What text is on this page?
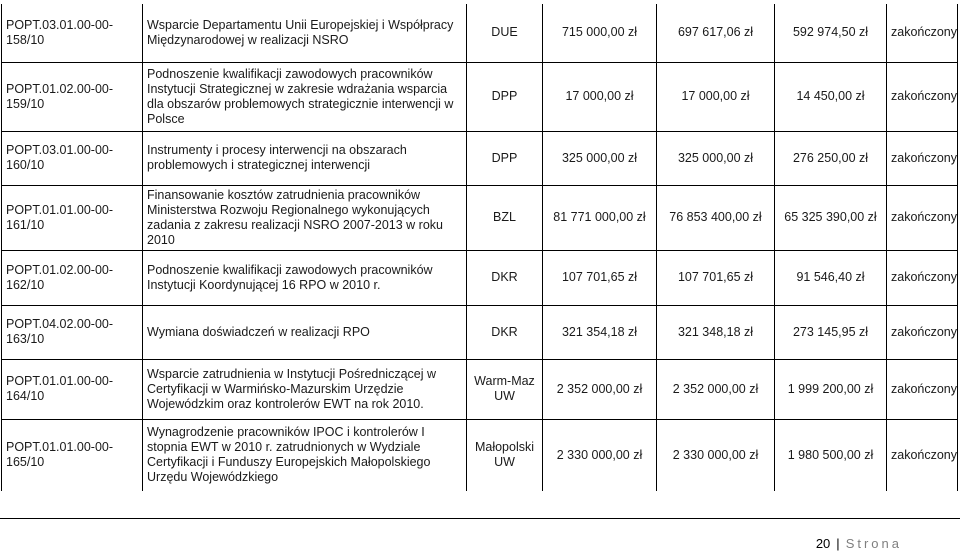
POPT.03.01.00-00-158/10	Wsparcie Departamentu Unii Europejskiej i Współpracy Międzynarodowej w realizacji NSRO	DUE	715 000,00 zł	697 617,06 zł	592 974,50 zł	zakończony
POPT.01.02.00-00-159/10	Podnoszenie kwalifikacji zawodowych pracowników Instytucji Strategicznej w zakresie wdrażania wsparcia dla obszarów problemowych strategicznie interwencji w Polsce	DPP	17 000,00 zł	17 000,00 zł	14 450,00 zł	zakończony
POPT.03.01.00-00-160/10	Instrumenty i procesy interwencji na obszarach problemowych i strategicznej interwencji	DPP	325 000,00 zł	325 000,00 zł	276 250,00 zł	zakończony
POPT.01.01.00-00-161/10	Finansowanie kosztów zatrudnienia pracowników Ministerstwa Rozwoju Regionalnego wykonujących zadania z zakresu realizacji NSRO 2007-2013 w roku 2010	BZL	81 771 000,00 zł	76 853 400,00 zł	65 325 390,00 zł	zakończony
POPT.01.02.00-00-162/10	Podnoszenie kwalifikacji zawodowych pracowników Instytucji Koordynującej 16 RPO w 2010 r.	DKR	107 701,65 zł	107 701,65 zł	91 546,40 zł	zakończony
POPT.04.02.00-00-163/10	Wymiana doświadczeń w realizacji RPO	DKR	321 354,18 zł	321 348,18 zł	273 145,95 zł	zakończony
POPT.01.01.00-00-164/10	Wsparcie zatrudnienia w Instytucji Pośredniczącej w Certyfikacji w Warmińsko-Mazurskim Urzędzie Wojewódzkim oraz kontrolerów EWT na rok 2010.	Warm-Maz UW	2 352 000,00 zł	2 352 000,00 zł	1 999 200,00 zł	zakończony
POPT.01.01.00-00-165/10	Wynagrodzenie pracowników IPOC i kontrolerów I stopnia EWT w 2010 r. zatrudnionych w Wydziale Certyfikacji i Funduszy Europejskich Małopolskiego Urzędu Wojewódzkiego	Małopolski UW	2 330 000,00 zł	2 330 000,00 zł	1 980 500,00 zł	zakończony
20 | Strona
